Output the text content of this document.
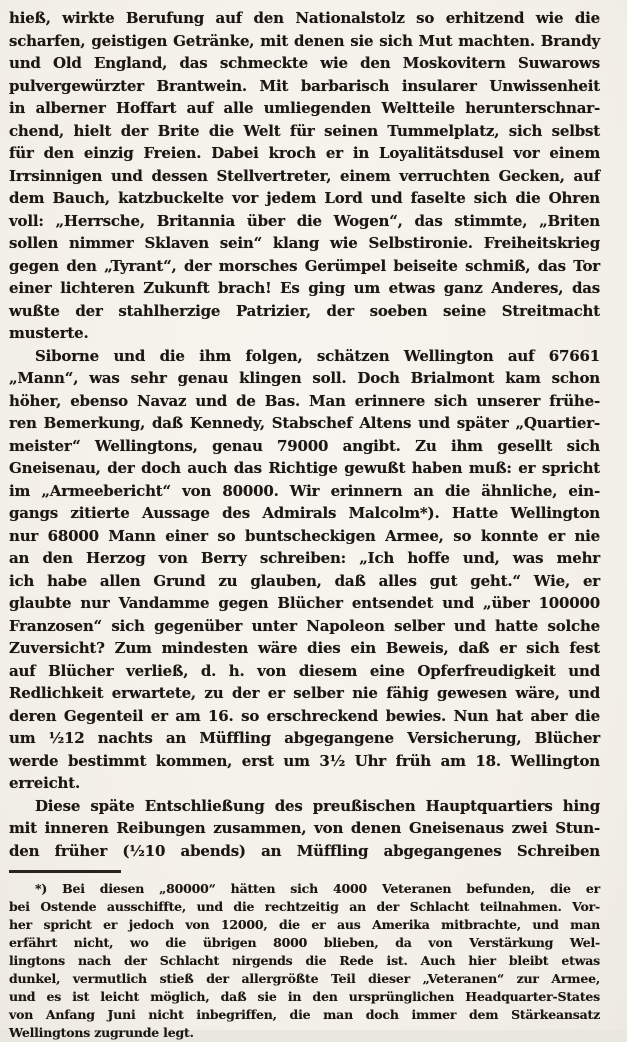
hieß, wirkte Berufung auf den Nationalstolz so erhitzend wie die
scharfen, geistigen Getränke, mit denen sie sich Mut machten. Brandy
und Old England, das schmeckte wie den Moskovitern Suwarows
pulvergewürzter Brantwein. Mit barbarisch insularer Unwissenheit
in alberner Hoffart auf alle umliegenden Weltteile herunterschnar-
chend, hielt der Brite die Welt für seinen Tummelplatz, sich selbst
für den einzig Freien. Dabei kroch er in Loyalitätsdusel vor einem
Irrsinnigen und dessen Stellvertreter, einem verruchten Gecken, auf
dem Bauch, katzbuckelte vor jedem Lord und faselte sich die Ohren
voll: „Herrsche, Britannia über die Wogen“, das stimmte, „Briten
sollen nimmer Sklaven sein“ klang wie Selbstironie. Freiheitskrieg
gegen den „Tyrant“, der morsches Gerümpel beiseite schmiß, das Tor
einer lichteren Zukunft brach! Es ging um etwas ganz Anderes, das
wußte der stahlherzige Patrizier, der soeben seine Streitmacht musterte.
Siborne und die ihm folgen, schätzen Wellington auf 67661
„Mann“, was sehr genau klingen soll. Doch Brialmont kam schon
höher, ebenso Navaz und de Bas. Man erinnere sich unserer frühe-
ren Bemerkung, daß Kennedy, Stabschef Altens und später „Quartier-
meister“ Wellingtons, genau 79000 angibt. Zu ihm gesellt sich
Gneisenau, der doch auch das Richtige gewußt haben muß: er spricht
im „Armeebericht“ von 80000. Wir erinnern an die ähnliche, ein-
gangs zitierte Aussage des Admirals Malcolm*). Hatte Wellington
nur 68000 Mann einer so buntscheckigen Armee, so konnte er nie
an den Herzog von Berry schreiben: „Ich hoffe und, was mehr
ich habe allen Grund zu glauben, daß alles gut geht.“ Wie, er
glaubte nur Vandamme gegen Blücher entsendet und „über 100000
Franzosen“ sich gegenüber unter Napoleon selber und hatte solche
Zuversicht? Zum mindesten wäre dies ein Beweis, daß er sich fest
auf Blücher verließ, d. h. von diesem eine Opferfreudigkeit und
Redlichkeit erwartete, zu der er selber nie fähig gewesen wäre, und
deren Gegenteil er am 16. so erschreckend bewies. Nun hat aber die
um ½12 nachts an Müffling abgegangene Versicherung, Blücher
werde bestimmt kommen, erst um 3½ Uhr früh am 18. Wellington
erreicht.
Diese späte Entschließung des preußischen Hauptquartiers hing
mit inneren Reibungen zusammen, von denen Gneisenaus zwei Stun-
den früher (½10 abends) an Müffling abgegangenes Schreiben
*) Bei diesen „80000“ hätten sich 4000 Veteranen befunden, die er
bei Ostende ausschiffte, und die rechtzeitig an der Schlacht teilnahmen. Vor-
her spricht er jedoch von 12000, die er aus Amerika mitbrachte, und man
erfährt nicht, wo die übrigen 8000 blieben, da von Verstärkung Wel-
lingtons nach der Schlacht nirgends die Rede ist. Auch hier bleibt etwas
dunkel, vermutlich stieß der allergrößte Teil dieser „Veteranen“ zur Armee,
und es ist leicht möglich, daß sie in den ursprünglichen Headquarter-States
von Anfang Juni nicht inbegriffen, die man doch immer dem Stärkeansatz
Wellingtons zugrunde legt.
